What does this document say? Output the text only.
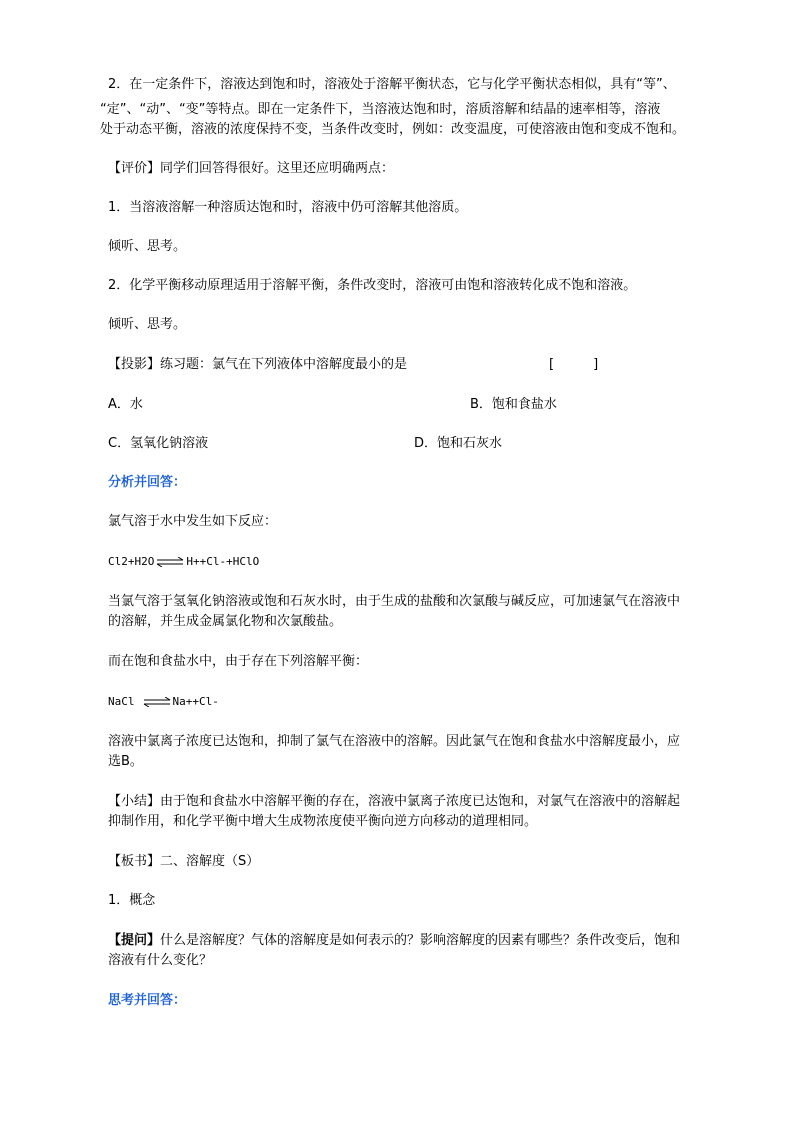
2．在一定条件下，溶液达到饱和时，溶液处于溶解平衡状态，它与化学平衡状态相似，具有“等”、
“定”、“动”、“变”等特点。即在一定条件下，当溶液达饱和时，溶质溶解和结晶的速率相等，溶液
处于动态平衡，溶液的浓度保持不变，当条件改变时，例如：改变温度，可使溶液由饱和变成不饱和。
【评价】同学们回答得很好。这里还应明确两点：
1．当溶液溶解一种溶质达饱和时，溶液中仍可溶解其他溶质。
倾听、思考。
2．化学平衡移动原理适用于溶解平衡，条件改变时，溶液可由饱和溶液转化成不饱和溶液。
倾听、思考。
【投影】练习题：氯气在下列液体中溶解度最小的是	[　　　]
A．水	B．饱和食盐水
C．氢氧化钠溶液	D．饱和石灰水
分析并回答：
氯气溶于水中发生如下反应：
Cl2+H2O ⇌ H++Cl-+HClO
当氯气溶于氢氧化钠溶液或饱和石灰水时，由于生成的盐酸和次氯酸与碱反应，可加速氯气在溶液中
的溶解，并生成金属氯化物和次氯酸盐。
而在饱和食盐水中，由于存在下列溶解平衡：
NaCl ⇌ Na++Cl-
溶液中氯离子浓度已达饱和，抑制了氯气在溶液中的溶解。因此氯气在饱和食盐水中溶解度最小，应
选B。
【小结】由于饱和食盐水中溶解平衡的存在，溶液中氯离子浓度已达饱和，对氯气在溶液中的溶解起
抑制作用，和化学平衡中增大生成物浓度使平衡向逆方向移动的道理相同。
【板书】二、溶解度（S）
1．概念
【提问】什么是溶解度？气体的溶解度是如何表示的？影响溶解度的因素有哪些？条件改变后，饱和
溶液有什么变化？
思考并回答：
